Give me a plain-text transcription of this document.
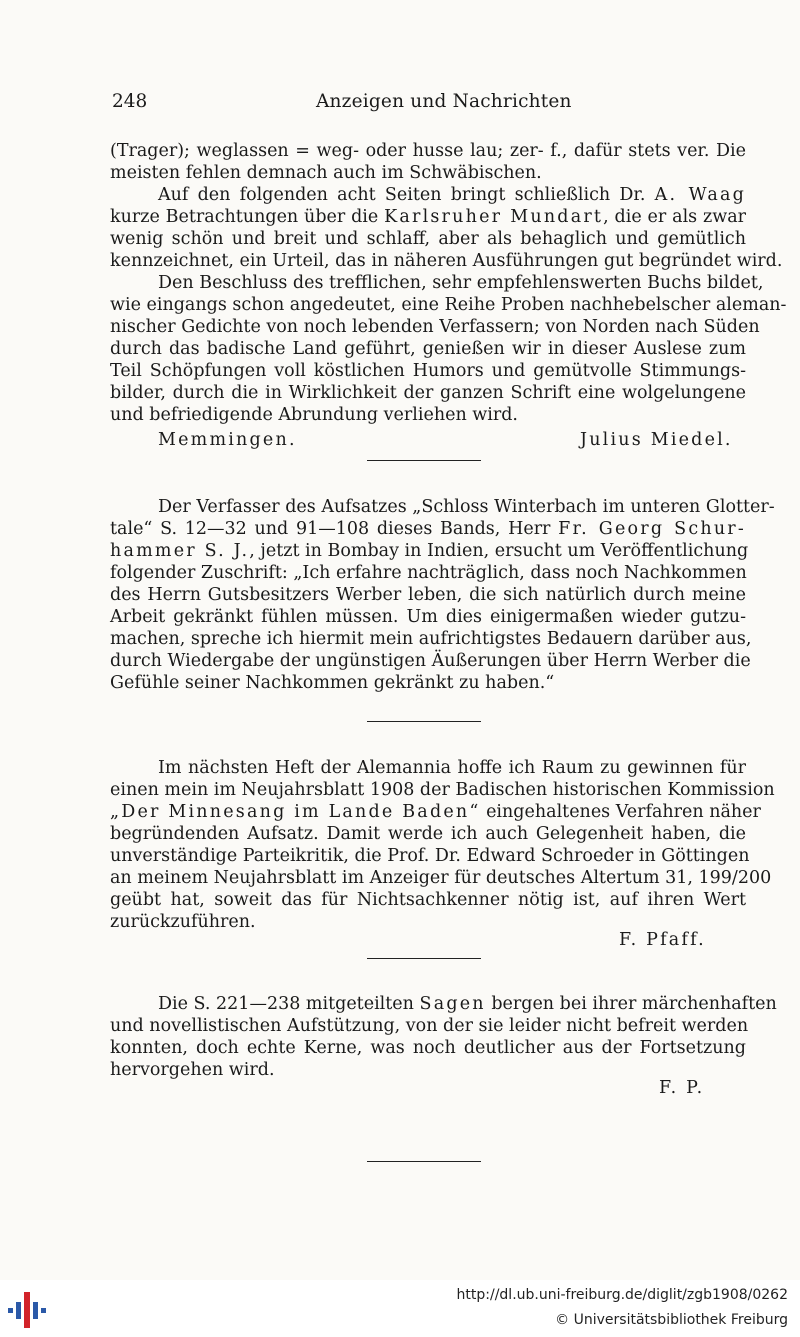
248	Anzeigen und Nachrichten
(Trager); weglassen = weg- oder husse lau; zer- f., dafür stets ver. Die
meisten fehlen demnach auch im Schwäbischen.
Auf den folgenden acht Seiten bringt schließlich Dr. A. Waag
kurze Betrachtungen über die Karlsruher Mundart, die er als zwar
wenig schön und breit und schlaff, aber als behaglich und gemütlich
kennzeichnet, ein Urteil, das in näheren Ausführungen gut begründet wird.
Den Beschluss des trefflichen, sehr empfehlenswerten Buchs bildet,
wie eingangs schon angedeutet, eine Reihe Proben nachhebelscher aleman-
nischer Gedichte von noch lebenden Verfassern; von Norden nach Süden
durch das badische Land geführt, genießen wir in dieser Auslese zum
Teil Schöpfungen voll köstlichen Humors und gemütvolle Stimmungs-
bilder, durch die in Wirklichkeit der ganzen Schrift eine wolgelungene
und befriedigende Abrundung verliehen wird.
Memmingen.	Julius Miedel.
Der Verfasser des Aufsatzes „Schloss Winterbach im unteren Glotter-
tale“ S. 12—32 und 91—108 dieses Bands, Herr Fr. Georg Schur-
hammer S. J., jetzt in Bombay in Indien, ersucht um Veröffentlichung
folgender Zuschrift: „Ich erfahre nachträglich, dass noch Nachkommen
des Herrn Gutsbesitzers Werber leben, die sich natürlich durch meine
Arbeit gekränkt fühlen müssen. Um dies einigermaßen wieder gutzu-
machen, spreche ich hiermit mein aufrichtigstes Bedauern darüber aus,
durch Wiedergabe der ungünstigen Äußerungen über Herrn Werber die
Gefühle seiner Nachkommen gekränkt zu haben.“
Im nächsten Heft der Alemannia hoffe ich Raum zu gewinnen für
einen mein im Neujahrsblatt 1908 der Badischen historischen Kommission
„Der Minnesang im Lande Baden“ eingehaltenes Verfahren näher
begründenden Aufsatz. Damit werde ich auch Gelegenheit haben, die
unverständige Parteikritik, die Prof. Dr. Edward Schroeder in Göttingen
an meinem Neujahrsblatt im Anzeiger für deutsches Altertum 31, 199/200
geübt hat, soweit das für Nichtsachkenner nötig ist, auf ihren Wert
zurückzuführen.
F. Pfaff.
Die S. 221—238 mitgeteilten Sagen bergen bei ihrer märchenhaften
und novellistischen Aufstützung, von der sie leider nicht befreit werden
konnten, doch echte Kerne, was noch deutlicher aus der Fortsetzung
hervorgehen wird.
F. P.
http://dl.ub.uni-freiburg.de/diglit/zgb1908/0262
© Universitätsbibliothek Freiburg
